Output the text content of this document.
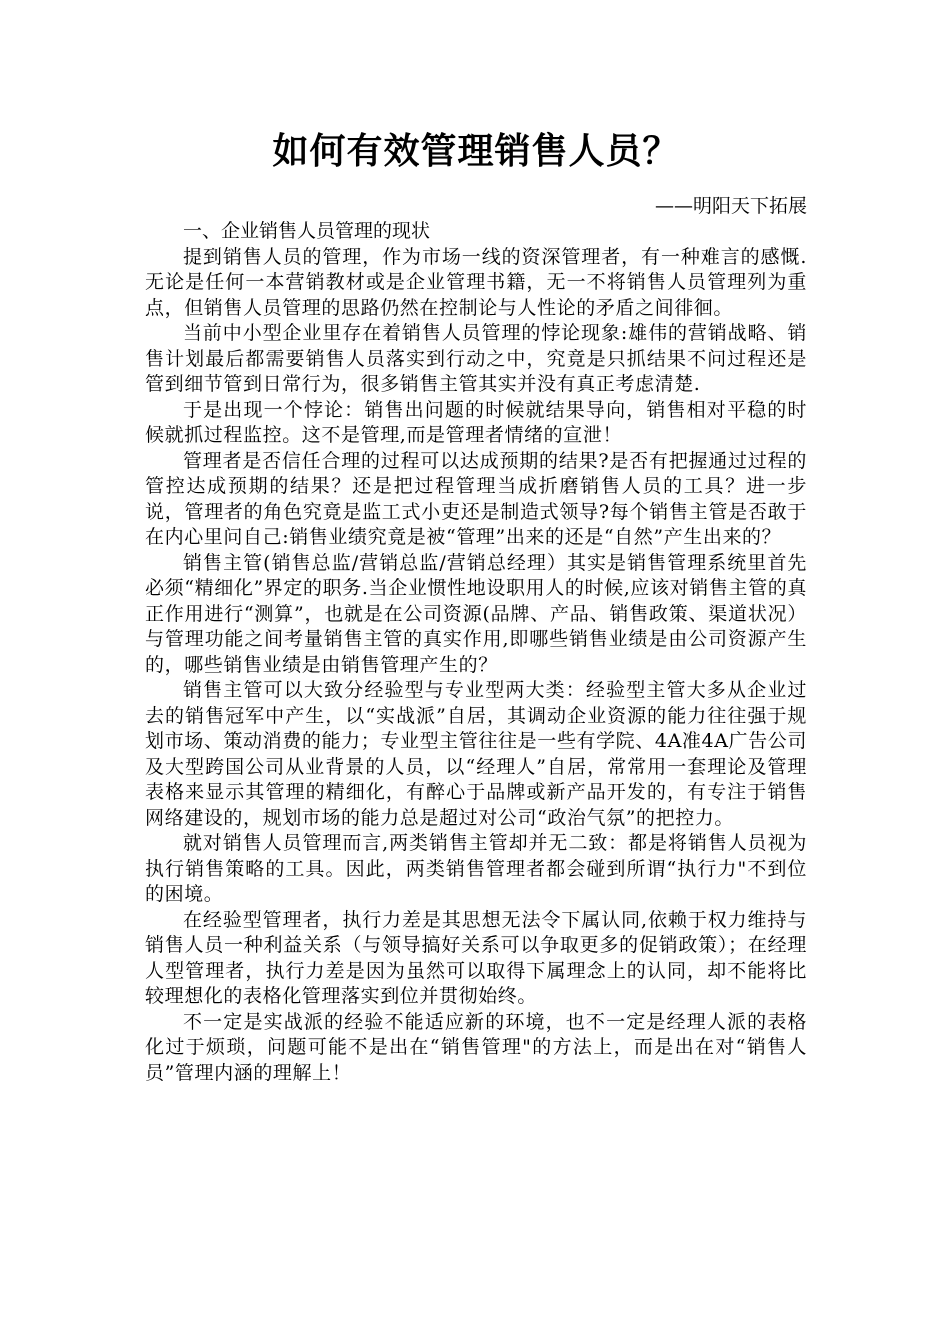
如何有效管理销售人员？

——明阳天下拓展

一、企业销售人员管理的现状

提到销售人员的管理，作为市场一线的资深管理者，有一种难言的感慨.无论是任何一本营销教材或是企业管理书籍，无一不将销售人员管理列为重点，但销售人员管理的思路仍然在控制论与人性论的矛盾之间徘徊。

当前中小型企业里存在着销售人员管理的悖论现象:雄伟的营销战略、销售计划最后都需要销售人员落实到行动之中，究竟是只抓结果不问过程还是管到细节管到日常行为，很多销售主管其实并没有真正考虑清楚.

于是出现一个悖论：销售出问题的时候就结果导向，销售相对平稳的时候就抓过程监控。这不是管理,而是管理者情绪的宣泄！

管理者是否信任合理的过程可以达成预期的结果?是否有把握通过过程的管控达成预期的结果？还是把过程管理当成折磨销售人员的工具？进一步说，管理者的角色究竟是监工式小吏还是制造式领导?每个销售主管是否敢于在内心里问自己:销售业绩究竟是被“管理”出来的还是“自然”产生出来的？

销售主管(销售总监/营销总监/营销总经理）其实是销售管理系统里首先必须“精细化”界定的职务.当企业惯性地设职用人的时候,应该对销售主管的真正作用进行“测算”，也就是在公司资源(品牌、产品、销售政策、渠道状况）与管理功能之间考量销售主管的真实作用,即哪些销售业绩是由公司资源产生的，哪些销售业绩是由销售管理产生的？

销售主管可以大致分经验型与专业型两大类：经验型主管大多从企业过去的销售冠军中产生，以“实战派”自居，其调动企业资源的能力往往强于规划市场、策动消费的能力；专业型主管往往是一些有学院、4A准4A广告公司及大型跨国公司从业背景的人员，以“经理人”自居，常常用一套理论及管理表格来显示其管理的精细化，有醉心于品牌或新产品开发的，有专注于销售网络建设的，规划市场的能力总是超过对公司“政治气氛”的把控力。

就对销售人员管理而言,两类销售主管却并无二致：都是将销售人员视为执行销售策略的工具。因此，两类销售管理者都会碰到所谓“执行力"不到位的困境。

在经验型管理者，执行力差是其思想无法令下属认同,依赖于权力维持与销售人员一种利益关系（与领导搞好关系可以争取更多的促销政策）；在经理人型管理者，执行力差是因为虽然可以取得下属理念上的认同，却不能将比较理想化的表格化管理落实到位并贯彻始终。

不一定是实战派的经验不能适应新的环境，也不一定是经理人派的表格化过于烦琐，问题可能不是出在“销售管理"的方法上，而是出在对“销售人员”管理内涵的理解上！
